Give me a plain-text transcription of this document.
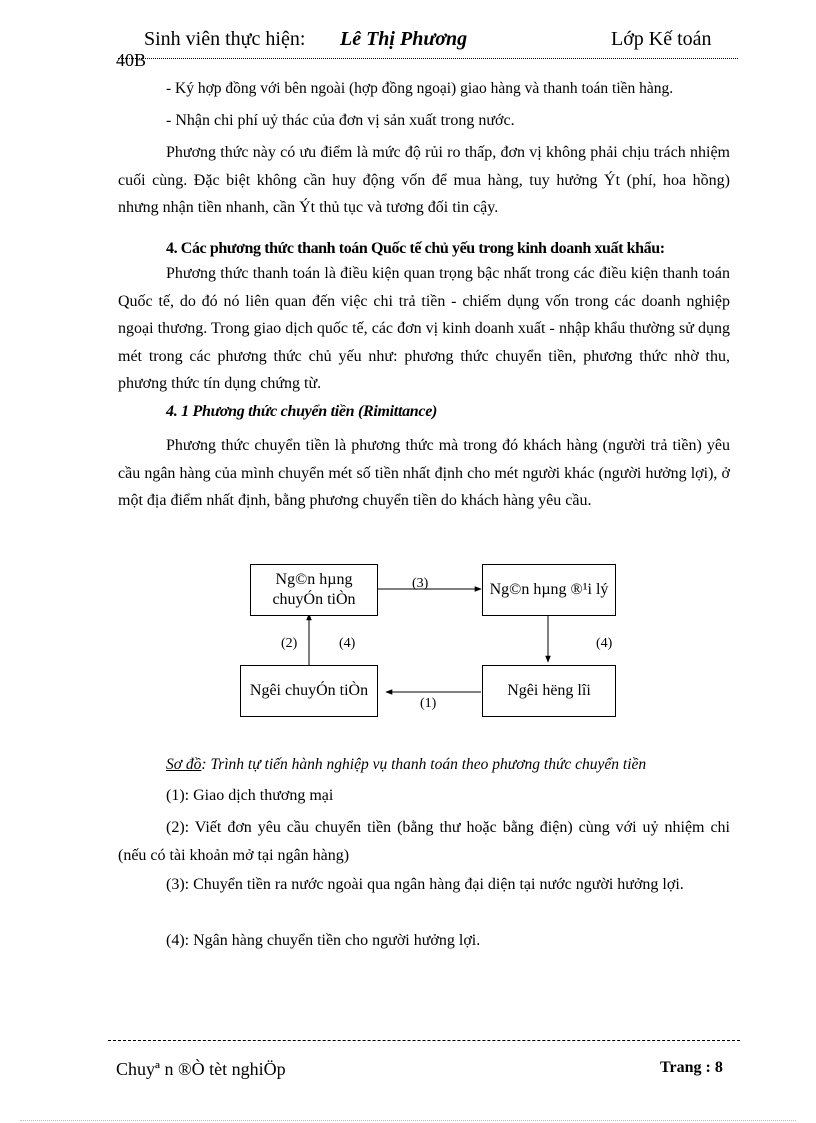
Sinh viên thực hiện: Lê Thị Phương	Lớp Kế toán
40B
- Ký hợp đồng với bên ngoài (hợp đồng ngoại) giao hàng và thanh toán tiền hàng.
- Nhận chi phí uỷ thác của đơn vị sản xuất trong nước.
Phương thức này có ưu điểm là mức độ rủi ro thấp, đơn vị không phải chịu trách nhiệm cuối cùng. Đặc biệt không cần huy động vốn để mua hàng, tuy hưởng Ýt (phí, hoa hồng) nhưng nhận tiền nhanh, cần Ýt thủ tục và tương đối tin cậy.
4. Các phương thức thanh toán Quốc tế chủ yếu trong kinh doanh xuất khẩu:
Phương thức thanh toán là điều kiện quan trọng bậc nhất trong các điều kiện thanh toán Quốc tế, do đó nó liên quan đến việc chi trả tiền - chiếm dụng vốn trong các doanh nghiệp ngoại thương. Trong giao dịch quốc tế, các đơn vị kinh doanh xuất - nhập khẩu thường sử dụng mét trong các phương thức chủ yếu như: phương thức chuyển tiền, phương thức nhờ thu, phương thức tín dụng chứng từ.
4. 1 Phương thức chuyển tiền (Rimittance)
Phương thức chuyển tiền là phương thức mà trong đó khách hàng (người trả tiền) yêu cầu ngân hàng của mình chuyển mét số tiền nhất định cho mét người khác (người hưởng lợi), ở một địa điểm nhất định, bằng phương chuyển tiền do khách hàng yêu cầu.
Ng©n hµng chuyÓn tiÒn
Ng©n hµng ®¹i lý
Ngêi chuyÓn tiÒn	Ngêi hëng lîi
(3)
(2)	(4)	(4)
(1)
Sơ đồ: Trình tự tiến hành nghiệp vụ thanh toán theo phương thức chuyển tiền
(1): Giao dịch thương mại
(2): Viết đơn yêu cầu chuyển tiền (bằng thư hoặc bằng điện) cùng với uỷ nhiệm chi (nếu có tài khoản mở tại ngân hàng)
(3): Chuyển tiền ra nước ngoài qua ngân hàng đại diện tại nước người hưởng lợi.
(4): Ngân hàng chuyển tiền cho người hưởng lợi.
Chuyª n ®Ò tèt nghiÖp	Trang : 8
